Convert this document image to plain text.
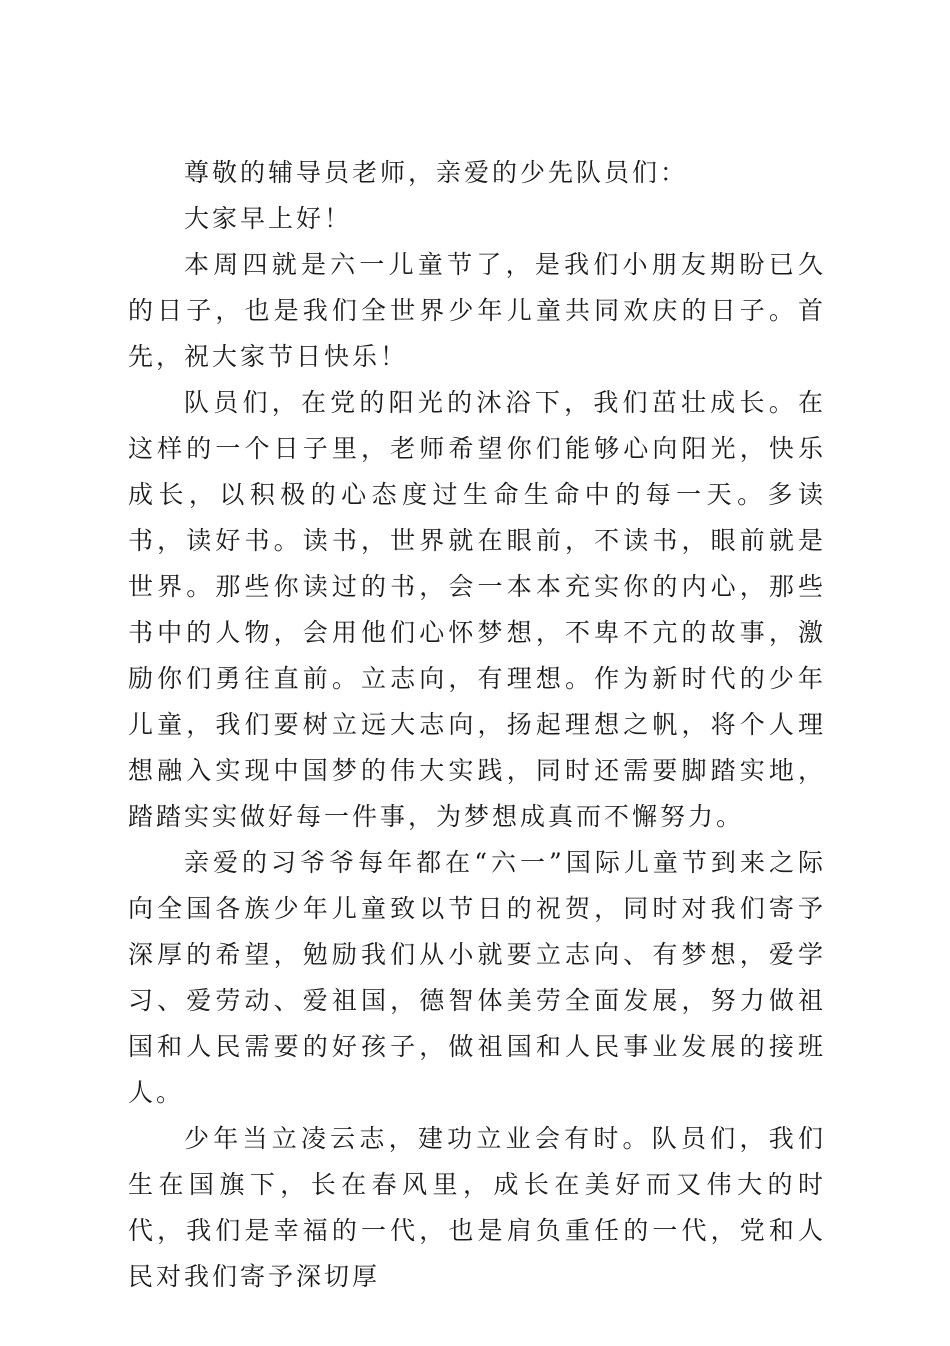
尊敬的辅导员老师，亲爱的少先队员们：

大家早上好！

本周四就是六一儿童节了，是我们小朋友期盼已久的日子，也是我们全世界少年儿童共同欢庆的日子。首先，祝大家节日快乐！

队员们，在党的阳光的沐浴下，我们茁壮成长。在这样的一个日子里，老师希望你们能够心向阳光，快乐成长，以积极的心态度过生命生命中的每一天。多读书，读好书。读书，世界就在眼前，不读书，眼前就是世界。那些你读过的书，会一本本充实你的内心，那些书中的人物，会用他们心怀梦想，不卑不亢的故事，激励你们勇往直前。立志向，有理想。作为新时代的少年儿童，我们要树立远大志向，扬起理想之帆，将个人理想融入实现中国梦的伟大实践，同时还需要脚踏实地，踏踏实实做好每一件事，为梦想成真而不懈努力。

亲爱的习爷爷每年都在“六一”国际儿童节到来之际向全国各族少年儿童致以节日的祝贺，同时对我们寄予深厚的希望，勉励我们从小就要立志向、有梦想，爱学习、爱劳动、爱祖国，德智体美劳全面发展，努力做祖国和人民需要的好孩子，做祖国和人民事业发展的接班人。

少年当立凌云志，建功立业会有时。队员们，我们生在国旗下，长在春风里，成长在美好而又伟大的时代，我们是幸福的一代，也是肩负重任的一代，党和人民对我们寄予深切厚
